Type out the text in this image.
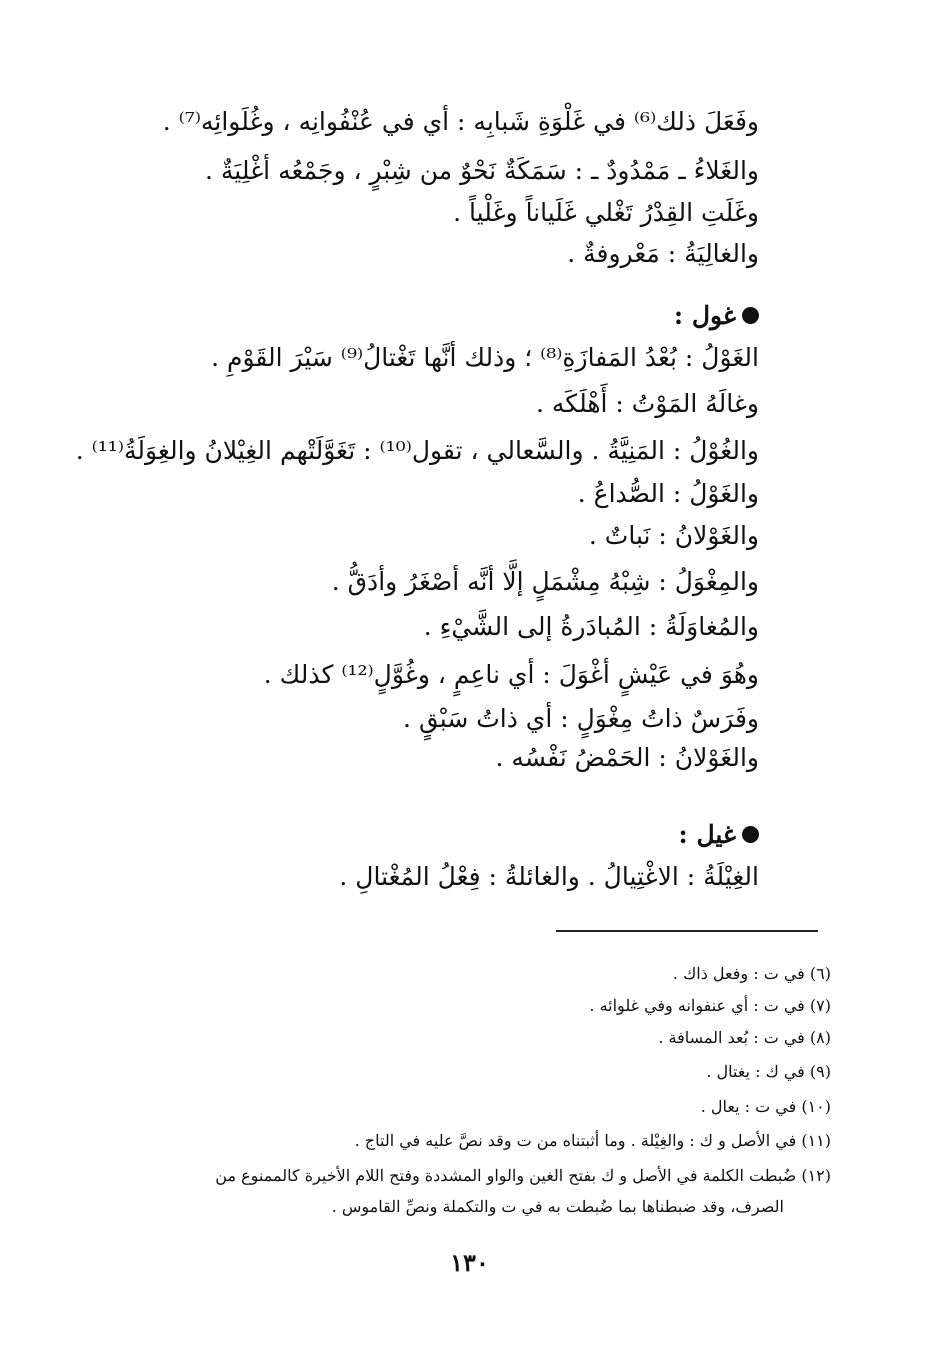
وفَعَلَ ذلك⁽⁶⁾ في غَلْوَةِ شَبابِه : أي في عُنْفُوانِه ، وغُلَوائِه⁽⁷⁾ .
والغَلاءُ ـ مَمْدُودٌ ـ : سَمَكَةٌ نَحْوٌ من شِبْرٍ ، وجَمْعُه أغْلِيَةٌ .
وغَلَتِ القِدْرُ تَغْلي غَلَياناً وغَلْياً .
والغالِيَةُ : مَعْروفةٌ .
غول :
الغَوْلُ : بُعْدُ المَفازَةِ⁽⁸⁾ ؛ وذلك أنَّها تَغْتالُ⁽⁹⁾ سَيْرَ القَوْمِ .
وغالَهُ المَوْتُ : أَهْلَكَه .
والغُوْلُ : المَنِيَّةُ . والسَّعالي ، تقول⁽¹⁰⁾ : تَغَوَّلَتْهم الغِيْلانُ والغِوَلَةُ⁽¹¹⁾ .
والغَوْلُ : الصُّداعُ .
والغَوْلانُ : نَباتٌ .
والمِغْوَلُ : شِبْهُ مِشْمَلٍ إلَّا أنَّه أصْغَرُ وأدَقُّ .
والمُغاوَلَةُ : المُبادَرةُ إلى الشَّيْءِ .
وهُوَ في عَيْشٍ أغْوَلَ : أي ناعِمٍ ، وغُوَّلٍ⁽¹²⁾ كذلك .
وفَرَسٌ ذاتُ مِغْوَلٍ : أي ذاتُ سَبْقٍ .
والغَوْلانُ : الحَمْضُ نَفْسُه .
غيل :
الغِيْلَةُ : الاغْتِيالُ . والغائلةُ : فِعْلُ المُغْتالِ .
(٦) في ت : وفعل ذاك .
(٧) في ت : أي عنفوانه وفي غلوائه .
(٨) في ت : بُعد المسافة .
(٩) في ك : يغتال .
(١٠) في ت : يعال .
(١١) في الأصل و ك : والغِيْلة . وما أثبتناه من ت وقد نصَّ عليه في التاج .
(١٢) ضُبطت الكلمة في الأصل و ك بفتح الغين والواو المشددة وفتح اللام الأخيرة كالممنوع من
الصرف، وقد ضبطناها بما ضُبطت به في ت والتكملة ونصِّ القاموس .
١٣٠
